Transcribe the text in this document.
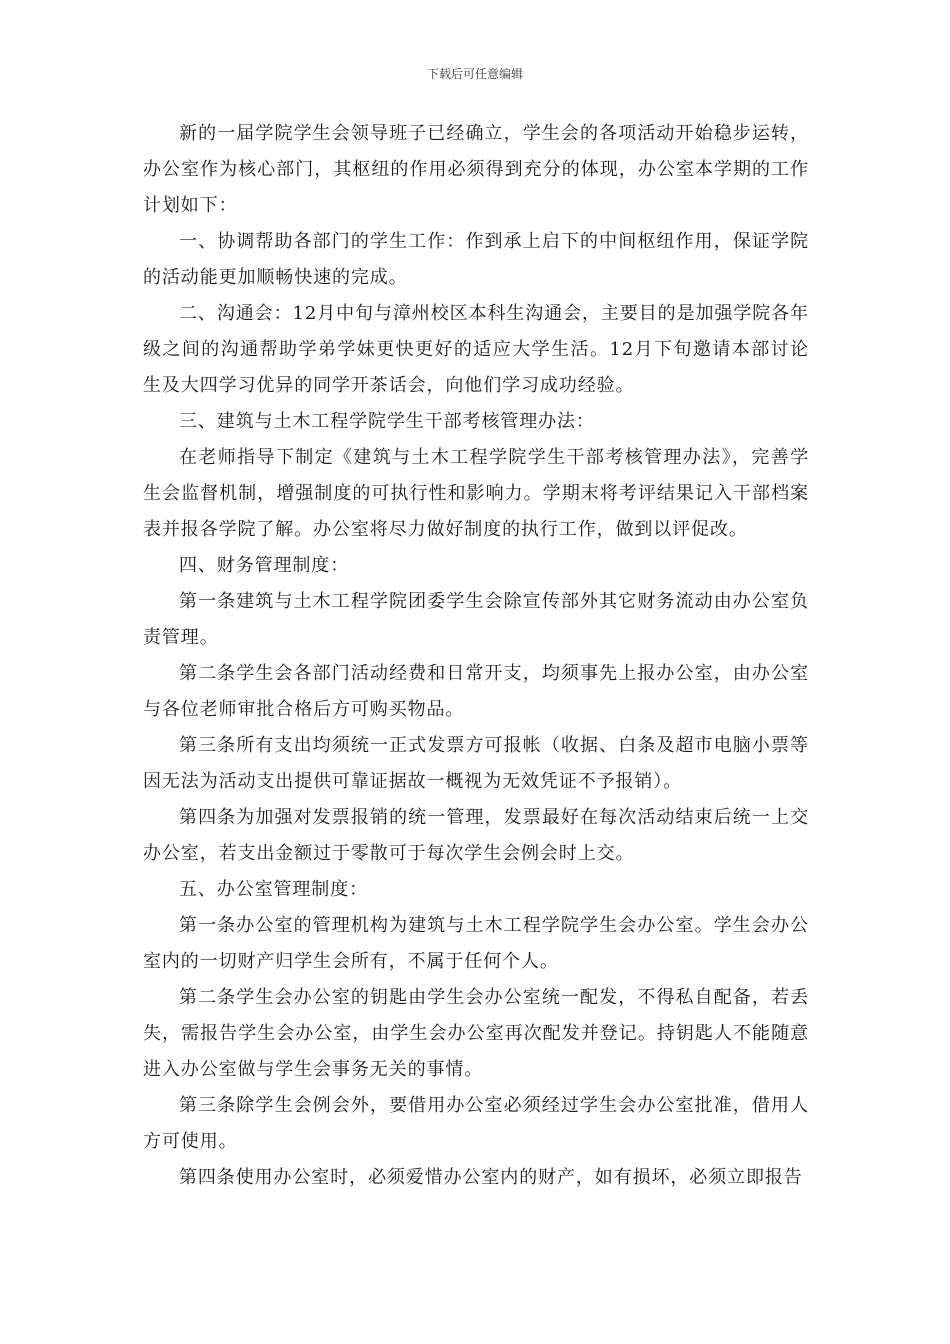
下载后可任意编辑

新的一届学院学生会领导班子已经确立，学生会的各项活动开始稳步运转，办公室作为核心部门，其枢纽的作用必须得到充分的体现，办公室本学期的工作计划如下：

一、协调帮助各部门的学生工作：作到承上启下的中间枢纽作用，保证学院的活动能更加顺畅快速的完成。

二、沟通会：12月中旬与漳州校区本科生沟通会，主要目的是加强学院各年级之间的沟通帮助学弟学妹更快更好的适应大学生活。12月下旬邀请本部讨论生及大四学习优异的同学开茶话会，向他们学习成功经验。

三、建筑与土木工程学院学生干部考核管理办法：

在老师指导下制定《建筑与土木工程学院学生干部考核管理办法》，完善学生会监督机制，增强制度的可执行性和影响力。学期末将考评结果记入干部档案表并报各学院了解。办公室将尽力做好制度的执行工作，做到以评促改。

四、财务管理制度：

第一条建筑与土木工程学院团委学生会除宣传部外其它财务流动由办公室负责管理。

第二条学生会各部门活动经费和日常开支，均须事先上报办公室，由办公室与各位老师审批合格后方可购买物品。

第三条所有支出均须统一正式发票方可报帐（收据、白条及超市电脑小票等因无法为活动支出提供可靠证据故一概视为无效凭证不予报销）。

第四条为加强对发票报销的统一管理，发票最好在每次活动结束后统一上交办公室，若支出金额过于零散可于每次学生会例会时上交。

五、办公室管理制度：

第一条办公室的管理机构为建筑与土木工程学院学生会办公室。学生会办公室内的一切财产归学生会所有，不属于任何个人。

第二条学生会办公室的钥匙由学生会办公室统一配发，不得私自配备，若丢失，需报告学生会办公室，由学生会办公室再次配发并登记。持钥匙人不能随意进入办公室做与学生会事务无关的事情。

第三条除学生会例会外，要借用办公室必须经过学生会办公室批准，借用人方可使用。

第四条使用办公室时，必须爱惜办公室内的财产，如有损坏，必须立即报告
